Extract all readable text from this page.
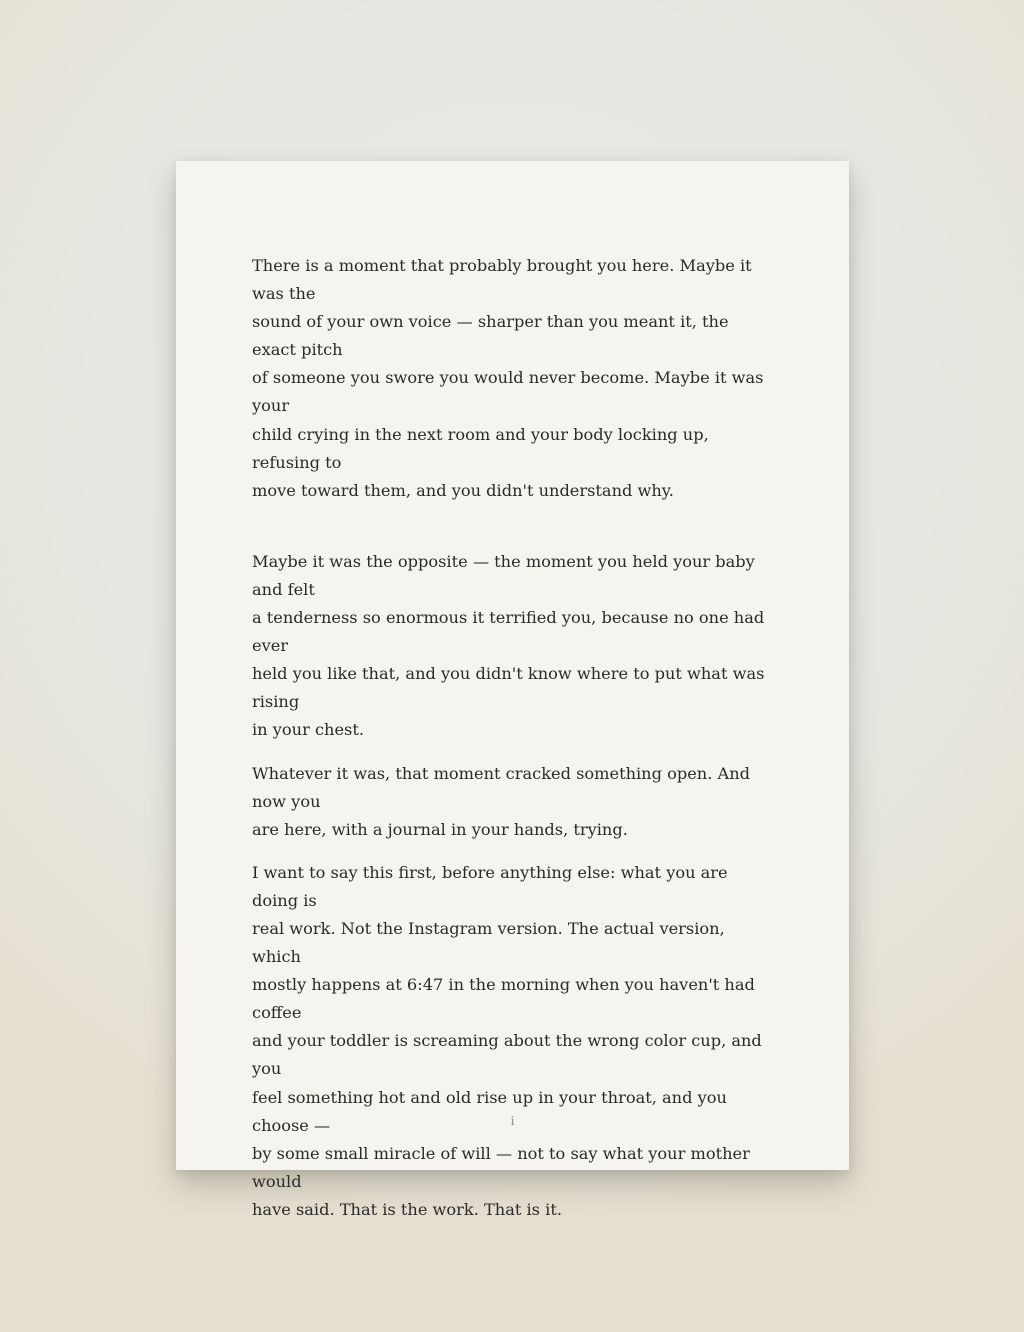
There is a moment that probably brought you here. Maybe it was the
sound of your own voice — sharper than you meant it, the exact pitch
of someone you swore you would never become. Maybe it was your
child crying in the next room and your body locking up, refusing to
move toward them, and you didn't understand why.

Maybe it was the opposite — the moment you held your baby and felt
a tenderness so enormous it terrified you, because no one had ever
held you like that, and you didn't know where to put what was rising
in your chest.

Whatever it was, that moment cracked something open. And now you
are here, with a journal in your hands, trying.

I want to say this first, before anything else: what you are doing is
real work. Not the Instagram version. The actual version, which
mostly happens at 6:47 in the morning when you haven't had coffee
and your toddler is screaming about the wrong color cup, and you
feel something hot and old rise up in your throat, and you choose —
by some small miracle of will — not to say what your mother would
have said. That is the work. That is it.

i
